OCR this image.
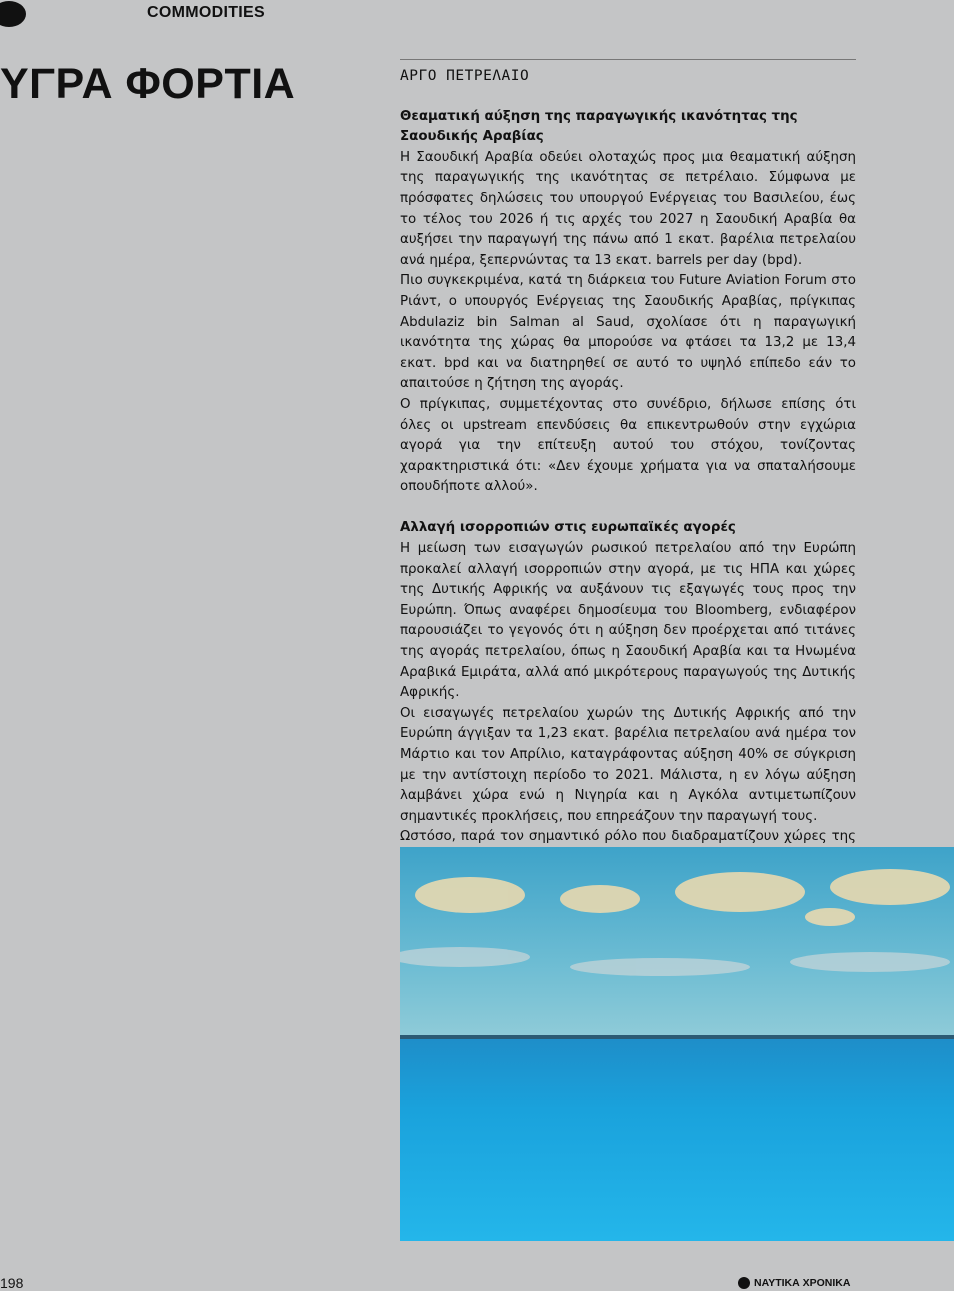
COMMODITIES
ΥΓΡΑ ΦΟΡΤΙΑ	ΑΡΓΟ ΠΕΤΡΕΛΑΙΟ

Θεαματική αύξηση της παραγωγικής ικανότητας της Σαουδικής Αραβίας

Η Σαουδική Αραβία οδεύει ολοταχώς προς μια θεαματική αύξηση της παραγωγικής της ικανότητας σε πετρέλαιο. Σύμφωνα με πρόσφατες δηλώσεις του υπουργού Ενέργειας του Βασιλείου, έως το τέλος του 2026 ή τις αρχές του 2027 η Σαουδική Αραβία θα αυξήσει την παραγωγή της πάνω από 1 εκατ. βαρέλια πετρελαίου ανά ημέρα, ξεπερνώντας τα 13 εκατ. barrels per day (bpd).

Πιο συγκεκριμένα, κατά τη διάρκεια του Future Aviation Forum στο Ριάντ, ο υπουργός Ενέργειας της Σαουδικής Αραβίας, πρίγκιπας Abdulaziz bin Salman al Saud, σχολίασε ότι η παραγωγική ικανότητα της χώρας θα μπορούσε να φτάσει τα 13,2 με 13,4 εκατ. bpd και να διατηρηθεί σε αυτό το υψηλό επίπεδο εάν το απαιτούσε η ζήτηση της αγοράς.

Ο πρίγκιπας, συμμετέχοντας στο συνέδριο, δήλωσε επίσης ότι όλες οι upstream επενδύσεις θα επικεντρωθούν στην εγχώρια αγορά για την επίτευξη αυτού του στόχου, τονίζοντας χαρακτηριστικά ότι: «Δεν έχουμε χρήματα για να σπαταλήσουμε οπουδήποτε αλλού».

Αλλαγή ισορροπιών στις ευρωπαϊκές αγορές

Η μείωση των εισαγωγών ρωσικού πετρελαίου από την Ευρώπη προκαλεί αλλαγή ισορροπιών στην αγορά, με τις ΗΠΑ και χώρες της Δυτικής Αφρικής να αυξάνουν τις εξαγωγές τους προς την Ευρώπη. Όπως αναφέρει δημοσίευμα του Bloomberg, ενδιαφέρον παρουσιάζει το γεγονός ότι η αύξηση δεν προέρχεται από τιτάνες της αγοράς πετρελαίου, όπως η Σαουδική Αραβία και τα Ηνωμένα Αραβικά Εμιράτα, αλλά από μικρότερους παραγωγούς της Δυτικής Αφρικής.

Οι εισαγωγές πετρελαίου χωρών της Δυτικής Αφρικής από την Ευρώπη άγγιξαν τα 1,23 εκατ. βαρέλια πετρελαίου ανά ημέρα τον Μάρτιο και τον Απρίλιο, καταγράφοντας αύξηση 40% σε σύγκριση με την αντίστοιχη περίοδο το 2021. Μάλιστα, η εν λόγω αύξηση λαμβάνει χώρα ενώ η Νιγηρία και η Αγκόλα αντιμετωπίζουν σημαντικές προκλήσεις, που επηρεάζουν την παραγωγή τους.

Ωστόσο, παρά τον σημαντικό ρόλο που διαδραματίζουν χώρες της

198	ΝΑΥΤΙΚΑ ΧΡΟΝΙΚΑ
